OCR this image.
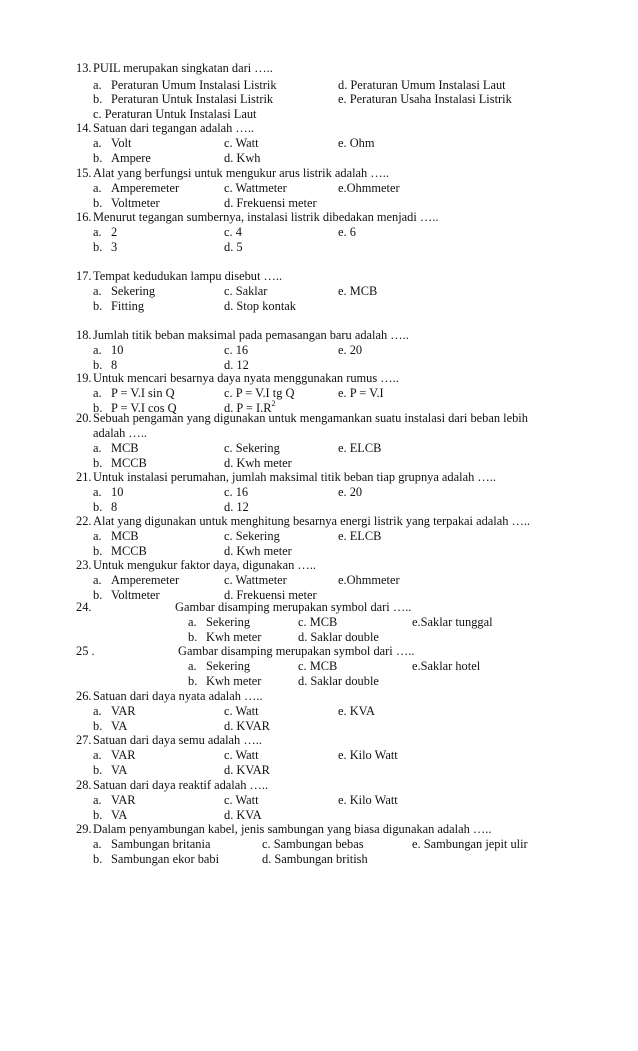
13. PUIL merupakan singkatan dari …..
a. Peraturan Umum Instalasi Listrik	d. Peraturan Umum Instalasi Laut
b. Peraturan Untuk Instalasi Listrik	e. Peraturan Usaha Instalasi Listrik
c. Peraturan Untuk Instalasi Laut
14. Satuan dari tegangan adalah …..
a. Volt	c. Watt	e. Ohm
b. Ampere	d. Kwh
15. Alat yang berfungsi untuk mengukur arus listrik adalah …..
a. Amperemeter	c. Wattmeter	e.Ohmmeter
b. Voltmeter	d. Frekuensi meter
16. Menurut tegangan sumbernya, instalasi listrik dibedakan menjadi …..
a. 2	c. 4	e. 6
b. 3	d. 5
17. Tempat kedudukan lampu disebut …..
a. Sekering	c. Saklar	e. MCB
b. Fitting	d. Stop kontak
18. Jumlah titik beban maksimal pada pemasangan baru adalah …..
a. 10	c. 16	e. 20
b. 8	d. 12
19. Untuk mencari besarnya daya nyata menggunakan rumus …..
a. P = V.I sin Q	c. P = V.I tg Q	e. P = V.I
b. P = V.I cos Q	d. $P = I.R^2$
20. Sebuah pengaman yang digunakan untuk mengamankan suatu instalasi dari beban lebih
adalah …..
a. MCB	c. Sekering	e. ELCB
b. MCCB	d. Kwh meter
21. Untuk instalasi perumahan, jumlah maksimal titik beban tiap grupnya adalah …..
a. 10	c. 16	e. 20
b. 8	d. 12
22. Alat yang digunakan untuk menghitung besarnya energi listrik yang terpakai adalah …..
a. MCB	c. Sekering	e. ELCB
b. MCCB	d. Kwh meter
23. Untuk mengukur faktor daya, digunakan …..
a. Amperemeter	c. Wattmeter	e.Ohmmeter
b. Voltmeter	d. Frekuensi meter
24.	Gambar disamping merupakan symbol dari …..
a. Sekering	c. MCB	e.Saklar tunggal
b. Kwh meter	d. Saklar double
25 .	Gambar disamping merupakan symbol dari …..
a. Sekering	c. MCB	e.Saklar hotel
b. Kwh meter	d. Saklar double
26. Satuan dari daya nyata adalah …..
a. VAR	c. Watt	e. KVA
b. VA	d. KVAR
27. Satuan dari daya semu adalah …..
a. VAR	c. Watt	e. Kilo Watt
b. VA	d. KVAR
28. Satuan dari daya reaktif adalah …..
a. VAR	c. Watt	e. Kilo Watt
b. VA	d. KVA
29. Dalam penyambungan kabel, jenis sambungan yang biasa digunakan adalah …..
a. Sambungan britania	c. Sambungan bebas	e. Sambungan jepit ulir
b. Sambungan ekor babi	d. Sambungan british
